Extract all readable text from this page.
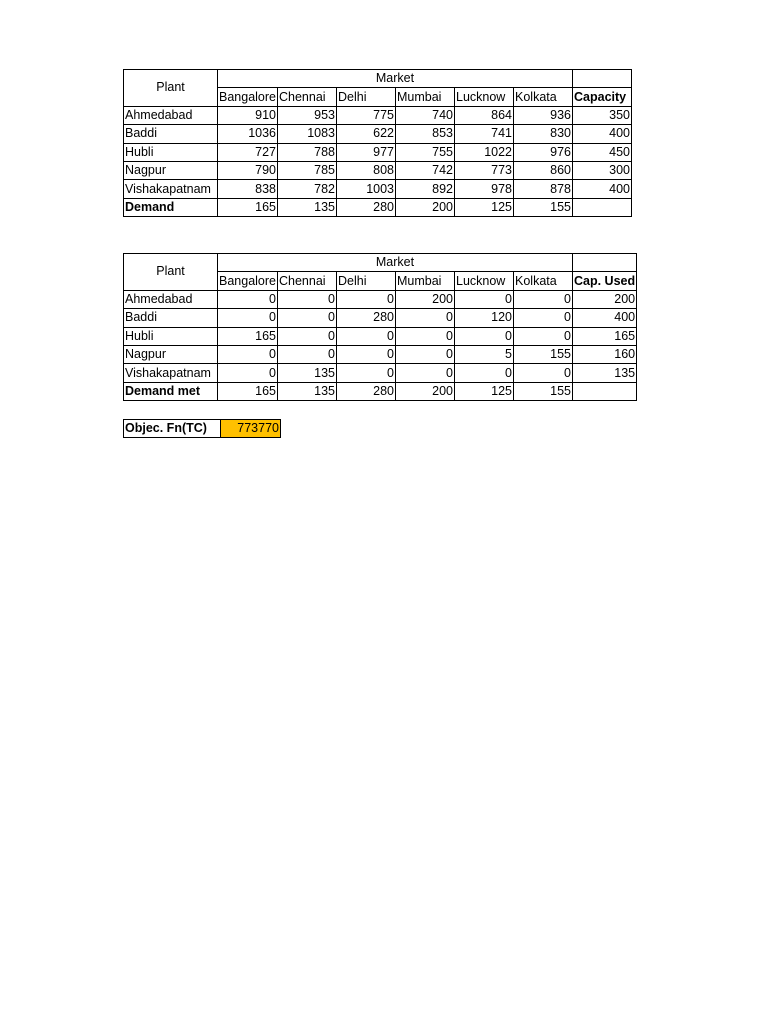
Plant	Market						
	Bangalore	Chennai	Delhi	Mumbai	Lucknow	Kolkata	Capacity
Ahmedabad	910	953	775	740	864	936	350
Baddi	1036	1083	622	853	741	830	400
Hubli	727	788	977	755	1022	976	450
Nagpur	790	785	808	742	773	860	300
Vishakapatnam	838	782	1003	892	978	878	400
Demand	165	135	280	200	125	155	
Plant	Market						
	Bangalore	Chennai	Delhi	Mumbai	Lucknow	Kolkata	Cap. Used
Ahmedabad	0	0	0	200	0	0	200
Baddi	0	0	280	0	120	0	400
Hubli	165	0	0	0	0	0	165
Nagpur	0	0	0	0	5	155	160
Vishakapatnam	0	135	0	0	0	0	135
Demand met	165	135	280	200	125	155	
Objec. Fn(TC)	773770
